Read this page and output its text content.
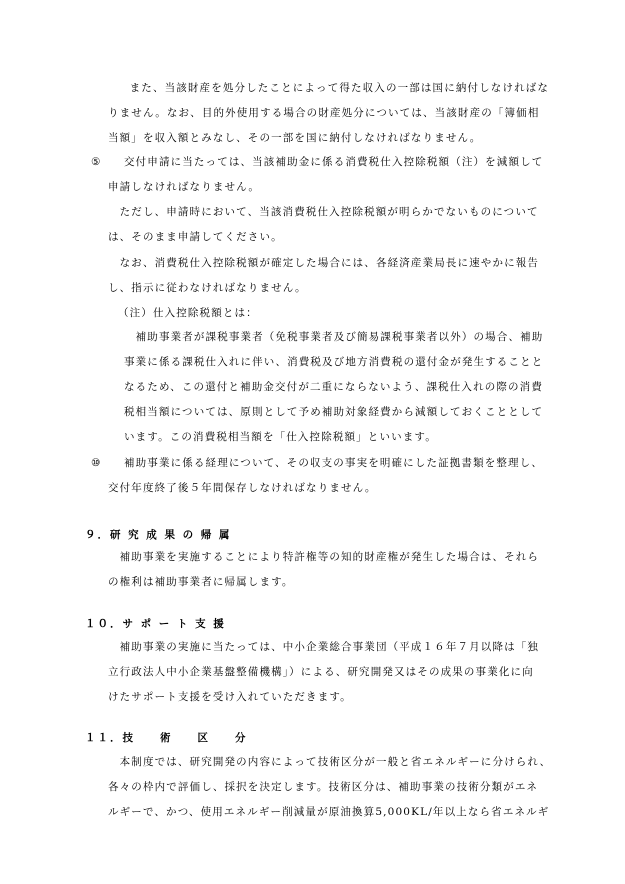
　また、当該財産を処分したことによって得た収入の一部は国に納付しなければな
りません。なお、目的外使用する場合の財産処分については、当該財産の「簿価相
当額」を収入額とみなし、その一部を国に納付しなければなりません。
⑤ 交付申請に当たっては、当該補助金に係る消費税仕入控除税額（注）を減額して
申請しなければなりません。
　ただし、申請時において、当該消費税仕入控除税額が明らかでないものについて
は、そのまま申請してください。
　なお、消費税仕入控除税額が確定した場合には、各経済産業局長に速やかに報告
し、指示に従わなければなりません。
（注）仕入控除税額とは：
　補助事業者が課税事業者（免税事業者及び簡易課税事業者以外）の場合、補助
事業に係る課税仕入れに伴い、消費税及び地方消費税の還付金が発生することと
なるため、この還付と補助金交付が二重にならないよう、課税仕入れの際の消費
税相当額については、原則として予め補助対象経費から減額しておくこととして
います。この消費税相当額を「仕入控除税額」といいます。
⑩ 補助事業に係る経理について、その収支の事実を明確にした証拠書類を整理し、
交付年度終了後５年間保存しなければなりません。
９．研 究 成 果 の 帰 属
　補助事業を実施することにより特許権等の知的財産権が発生した場合は、それら
の権利は補助事業者に帰属します。
１０．サ ポ ー ト 支 援
　補助事業の実施に当たっては、中小企業総合事業団（平成１６年７月以降は「独
立行政法人中小企業基盤整備機構」）による、研究開発又はその成果の事業化に向
けたサポート支援を受け入れていただきます。
１１．技　　術　　区　　分
　本制度では、研究開発の内容によって技術区分が一般と省エネルギーに分けられ、
各々の枠内で評価し、採択を決定します。技術区分は、補助事業の技術分類がエネ
ルギーで、かつ、使用エネルギー削減量が原油換算5,000KL/年以上なら省エネルギ
